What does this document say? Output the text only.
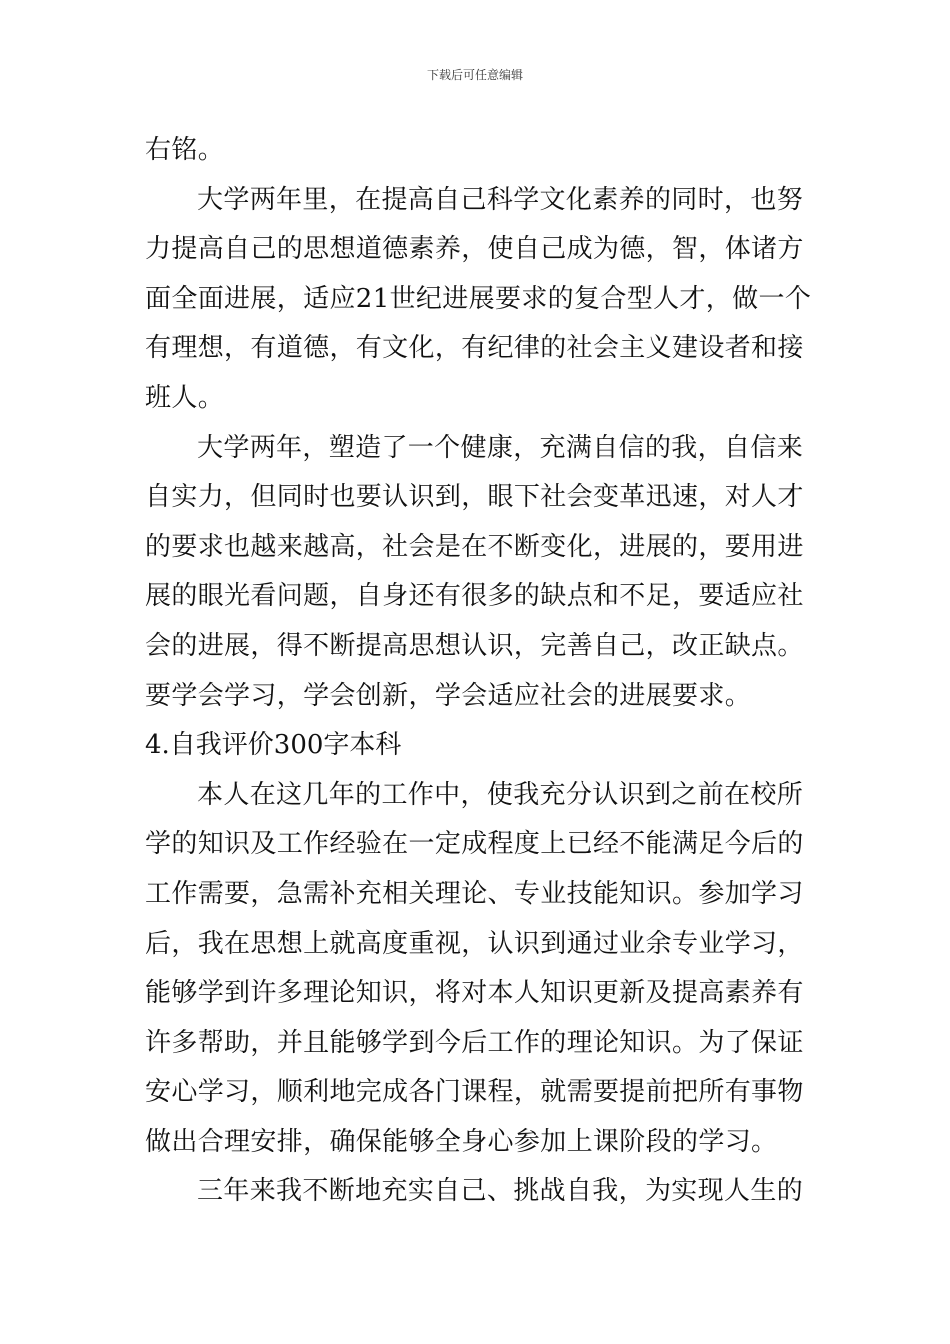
下载后可任意编辑
右铭。
大学两年里，在提高自己科学文化素养的同时，也努
力提高自己的思想道德素养，使自己成为德，智，体诸方
面全面进展，适应21世纪进展要求的复合型人才，做一个
有理想，有道德，有文化，有纪律的社会主义建设者和接
班人。
大学两年，塑造了一个健康，充满自信的我，自信来
自实力，但同时也要认识到，眼下社会变革迅速，对人才
的要求也越来越高，社会是在不断变化，进展的，要用进
展的眼光看问题，自身还有很多的缺点和不足，要适应社
会的进展，得不断提高思想认识，完善自己，改正缺点。
要学会学习，学会创新，学会适应社会的进展要求。
4.自我评价300字本科
本人在这几年的工作中，使我充分认识到之前在校所
学的知识及工作经验在一定成程度上已经不能满足今后的
工作需要，急需补充相关理论、专业技能知识。参加学习
后，我在思想上就高度重视，认识到通过业余专业学习，
能够学到许多理论知识，将对本人知识更新及提高素养有
许多帮助，并且能够学到今后工作的理论知识。为了保证
安心学习，顺利地完成各门课程，就需要提前把所有事物
做出合理安排，确保能够全身心参加上课阶段的学习。
三年来我不断地充实自己、挑战自我，为实现人生的
